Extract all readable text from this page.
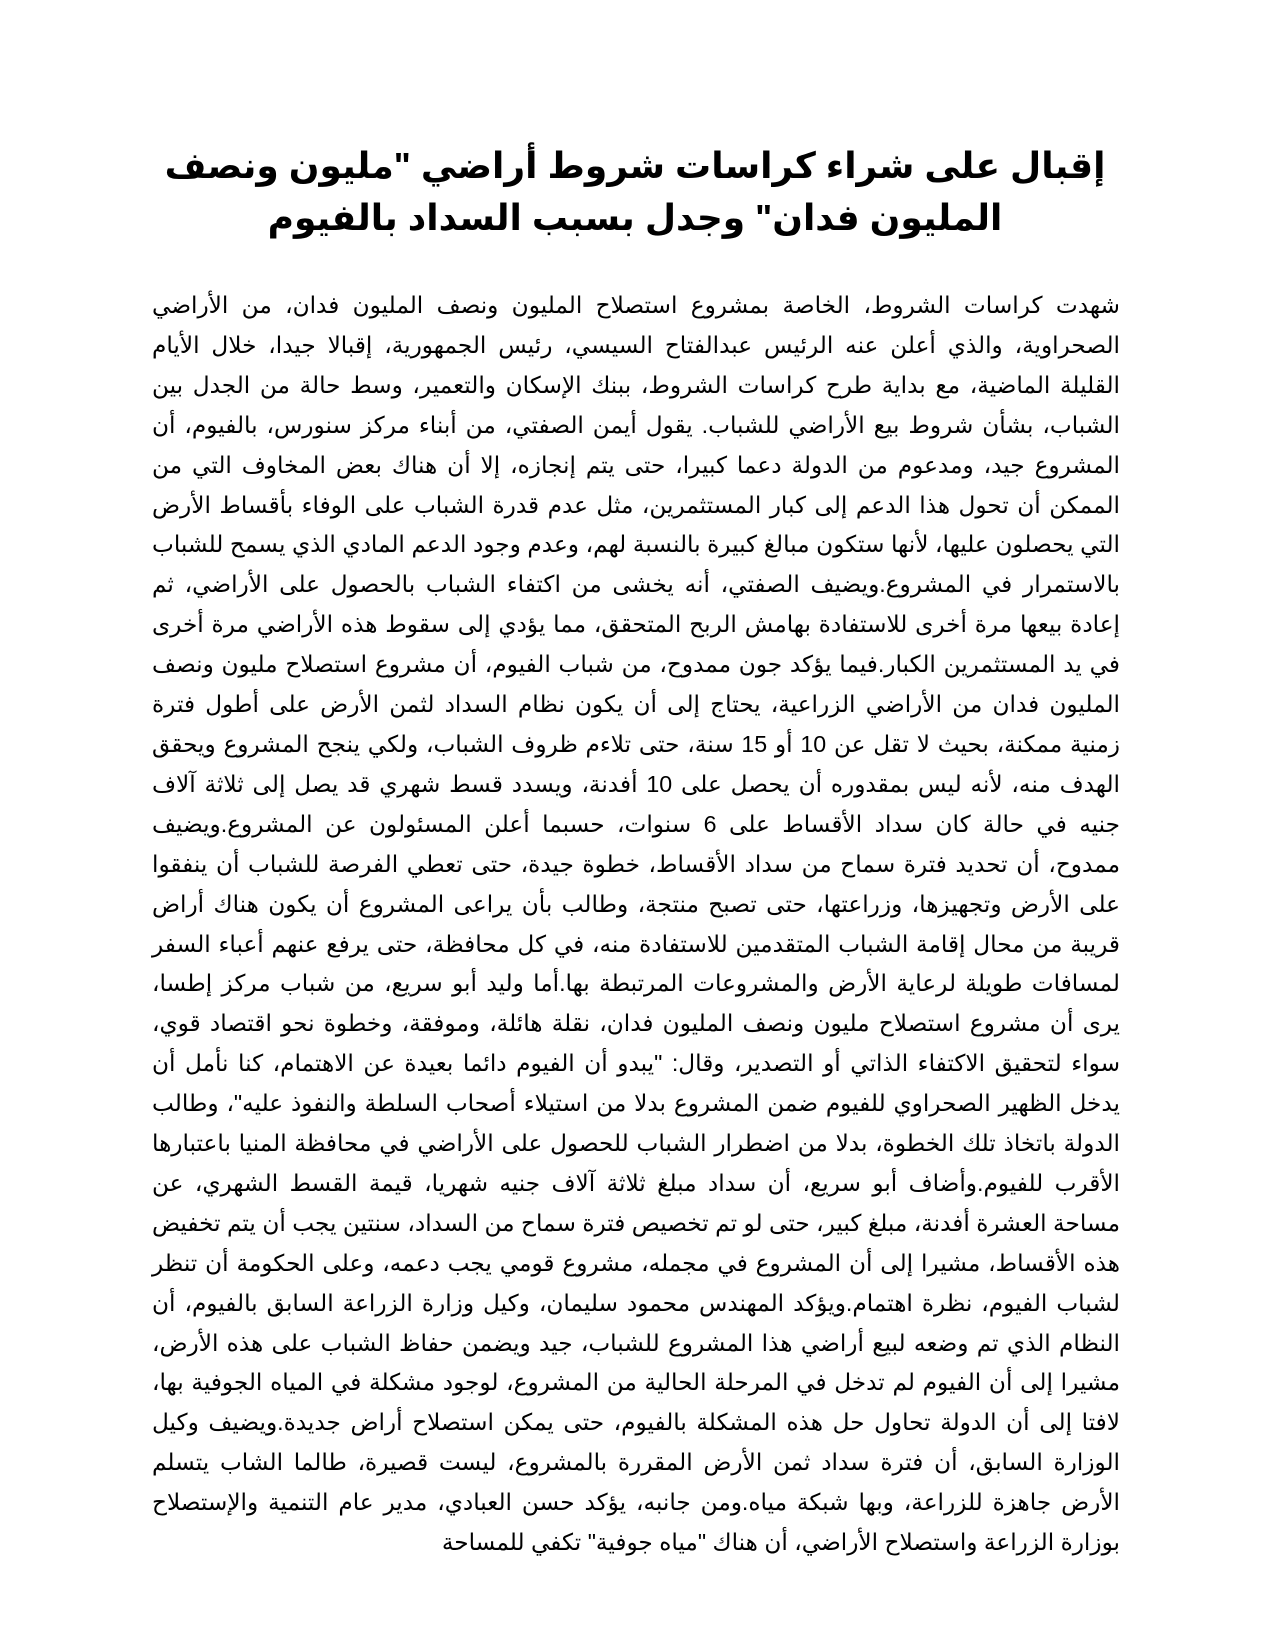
إقبال على شراء كراسات شروط أراضي "مليون ونصف المليون فدان" وجدل بسبب السداد بالفيوم

شهدت كراسات الشروط، الخاصة بمشروع استصلاح المليون ونصف المليون فدان، من الأراضي الصحراوية، والذي أعلن عنه الرئيس عبدالفتاح السيسي، رئيس الجمهورية، إقبالا جيدا، خلال الأيام القليلة الماضية، مع بداية طرح كراسات الشروط، ببنك الإسكان والتعمير، وسط حالة من الجدل بين الشباب، بشأن شروط بيع الأراضي للشباب. يقول أيمن الصفتي، من أبناء مركز سنورس، بالفيوم، أن المشروع جيد، ومدعوم من الدولة دعما كبيرا، حتى يتم إنجازه، إلا أن هناك بعض المخاوف التي من الممكن أن تحول هذا الدعم إلى كبار المستثمرين، مثل عدم قدرة الشباب على الوفاء بأقساط الأرض التي يحصلون عليها، لأنها ستكون مبالغ كبيرة بالنسبة لهم، وعدم وجود الدعم المادي الذي يسمح للشباب بالاستمرار في المشروع.ويضيف الصفتي، أنه يخشى من اكتفاء الشباب بالحصول على الأراضي، ثم إعادة بيعها مرة أخرى للاستفادة بهامش الربح المتحقق، مما يؤدي إلى سقوط هذه الأراضي مرة أخرى في يد المستثمرين الكبار.فيما يؤكد جون ممدوح، من شباب الفيوم، أن مشروع استصلاح مليون ونصف المليون فدان من الأراضي الزراعية، يحتاج إلى أن يكون نظام السداد لثمن الأرض على أطول فترة زمنية ممكنة، بحيث لا تقل عن 10 أو 15 سنة، حتى تلاءم ظروف الشباب، ولكي ينجح المشروع ويحقق الهدف منه، لأنه ليس بمقدوره أن يحصل على 10 أفدنة، ويسدد قسط شهري قد يصل إلى ثلاثة آلاف جنيه في حالة كان سداد الأقساط على 6 سنوات، حسبما أعلن المسئولون عن المشروع.ويضيف ممدوح، أن تحديد فترة سماح من سداد الأقساط، خطوة جيدة، حتى تعطي الفرصة للشباب أن ينفقوا على الأرض وتجهيزها، وزراعتها، حتى تصبح منتجة، وطالب بأن يراعى المشروع أن يكون هناك أراض قريبة من محال إقامة الشباب المتقدمين للاستفادة منه، في كل محافظة، حتى يرفع عنهم أعباء السفر لمسافات طويلة لرعاية الأرض والمشروعات المرتبطة بها.أما وليد أبو سريع، من شباب مركز إطسا، يرى أن مشروع استصلاح مليون ونصف المليون فدان، نقلة هائلة، وموفقة، وخطوة نحو اقتصاد قوي، سواء لتحقيق الاكتفاء الذاتي أو التصدير، وقال: "يبدو أن الفيوم دائما بعيدة عن الاهتمام، كنا نأمل أن يدخل الظهير الصحراوي للفيوم ضمن المشروع بدلا من استيلاء أصحاب السلطة والنفوذ عليه"، وطالب الدولة باتخاذ تلك الخطوة، بدلا من اضطرار الشباب للحصول على الأراضي في محافظة المنيا باعتبارها الأقرب للفيوم.وأضاف أبو سريع، أن سداد مبلغ ثلاثة آلاف جنيه شهريا، قيمة القسط الشهري، عن مساحة العشرة أفدنة، مبلغ كبير، حتى لو تم تخصيص فترة سماح من السداد، سنتين يجب أن يتم تخفيض هذه الأقساط، مشيرا إلى أن المشروع في مجمله، مشروع قومي يجب دعمه، وعلى الحكومة أن تنظر لشباب الفيوم، نظرة اهتمام.ويؤكد المهندس محمود سليمان، وكيل وزارة الزراعة السابق بالفيوم، أن النظام الذي تم وضعه لبيع أراضي هذا المشروع للشباب، جيد ويضمن حفاظ الشباب على هذه الأرض، مشيرا إلى أن الفيوم لم تدخل في المرحلة الحالية من المشروع، لوجود مشكلة في المياه الجوفية بها، لافتا إلى أن الدولة تحاول حل هذه المشكلة بالفيوم، حتى يمكن استصلاح أراض جديدة.ويضيف وكيل الوزارة السابق، أن فترة سداد ثمن الأرض المقررة بالمشروع، ليست قصيرة، طالما الشاب يتسلم الأرض جاهزة للزراعة، وبها شبكة مياه.ومن جانبه، يؤكد حسن العبادي، مدير عام التنمية والإستصلاح بوزارة الزراعة واستصلاح الأراضي، أن هناك "مياه جوفية" تكفي للمساحة
